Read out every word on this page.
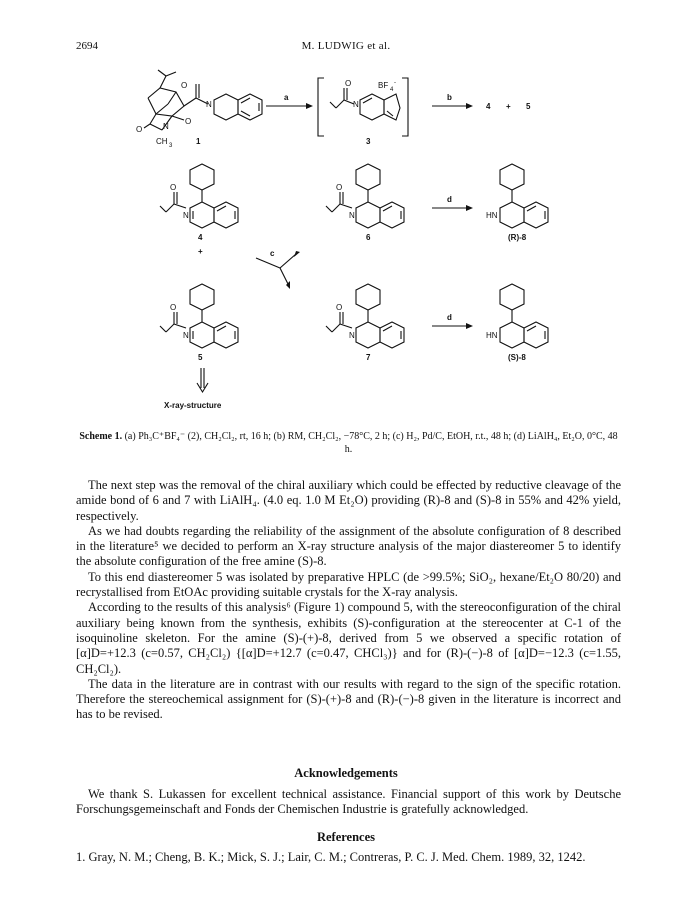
2694	M. LUDWIG et al.
O
N
O	N
O
CH 3	1
a
O
N
BF 4
-
3
b
4 + 5
O
N
4
+
O
N
6
d
HN
(R)-8
c
O
N
5
X-ray-structure
O
N
7
d
HN
(S)-8
Scheme 1. (a) Ph₃C⁺BF₄⁻ (2), CH₂Cl₂, rt, 16 h; (b) RM, CH₂Cl₂, −78°C, 2 h; (c) H₂, Pd/C, EtOH, r.t., 48 h; (d) LiAlH₄, Et₂O, 0°C, 48 h.

The next step was the removal of the chiral auxiliary which could be effected by reductive cleavage of the amide bond of 6 and 7 with LiAlH₄. (4.0 eq. 1.0 M Et₂O) providing (R)-8 and (S)-8 in 55% and 42% yield, respectively.

As we had doubts regarding the reliability of the assignment of the absolute configuration of 8 described in the literature⁵ we decided to perform an X-ray structure analysis of the major diastereomer 5 to identify the absolute configuration of the free amine (S)-8.

To this end diastereomer 5 was isolated by preparative HPLC (de >99.5%; SiO₂, hexane/Et₂O 80/20) and recrystallised from EtOAc providing suitable crystals for the X-ray analysis.

According to the results of this analysis⁶ (Figure 1) compound 5, with the stereoconfiguration of the chiral auxiliary being known from the synthesis, exhibits (S)-configuration at the stereocenter at C-1 of the isoquinoline skeleton. For the amine (S)-(+)-8, derived from 5 we observed a specific rotation of [α]D=+12.3 (c=0.57, CH₂Cl₂) {[α]D=+12.7 (c=0.47, CHCl₃)} and for (R)-(−)-8 of [α]D=−12.3 (c=1.55, CH₂Cl₂).

The data in the literature are in contrast with our results with regard to the sign of the specific rotation. Therefore the stereochemical assignment for (S)-(+)-8 and (R)-(−)-8 given in the literature is incorrect and has to be revised.

Acknowledgements

We thank S. Lukassen for excellent technical assistance. Financial support of this work by Deutsche Forschungsgemeinschaft and Fonds der Chemischen Industrie is gratefully acknowledged.

References

1. Gray, N. M.; Cheng, B. K.; Mick, S. J.; Lair, C. M.; Contreras, P. C. J. Med. Chem. 1989, 32, 1242.
